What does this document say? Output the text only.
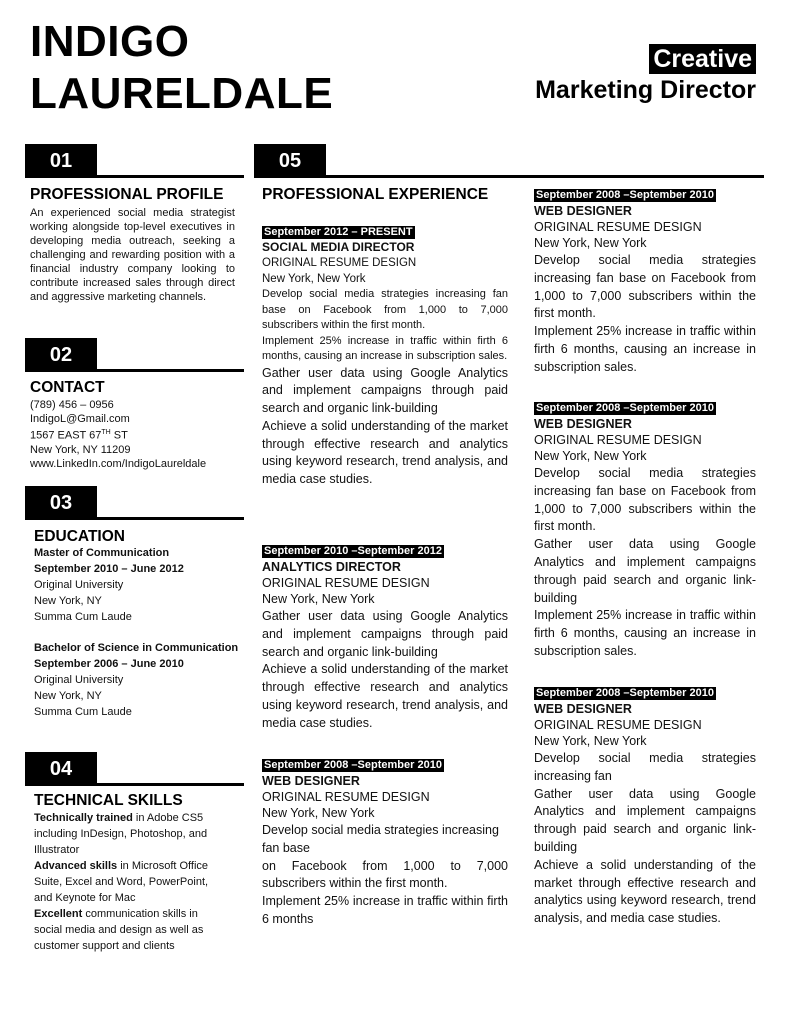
INDIGO
LAURELDALE
Creative
Marketing Director
01
PROFESSIONAL PROFILE
An experienced social media strategist working alongside top-level executives in developing media outreach, seeking a challenging and rewarding position with a financial industry company looking to contribute increased sales through direct and aggressive marketing channels.
02
CONTACT
(789) 456 – 0956
IndigoL@Gmail.com
1567 EAST 67TH ST
New York, NY 11209
www.LinkedIn.com/IndigoLaureldale
03
EDUCATION
Master of Communication
September 2010 – June 2012
Original University
New York, NY
Summa Cum Laude
Bachelor of Science in Communication
September 2006 – June 2010
Original University
New York, NY
Summa Cum Laude
04
TECHNICAL SKILLS
Technically trained in Adobe CS5 including InDesign, Photoshop, and Illustrator
Advanced skills in Microsoft Office Suite, Excel and Word, PowerPoint, and Keynote for Mac
Excellent communication skills in social media and design as well as customer support and clients
05
PROFESSIONAL EXPERIENCE
September 2012 – PRESENT
SOCIAL MEDIA DIRECTOR
ORIGINAL RESUME DESIGN
New York, New York
Develop social media strategies increasing fan base on Facebook from 1,000 to 7,000 subscribers within the first month.
Implement 25% increase in traffic within firth 6 months, causing an increase in subscription sales.
Gather user data using Google Analytics and implement campaigns through paid search and organic link-building
Achieve a solid understanding of the market through effective research and analytics using keyword research, trend analysis, and media case studies.
September 2010 –September 2012
ANALYTICS DIRECTOR
ORIGINAL RESUME DESIGN
New York, New York
Gather user data using Google Analytics and implement campaigns through paid search and organic link-building
Achieve a solid understanding of the market through effective research and analytics using keyword research, trend analysis, and media case studies.
September 2008 –September 2010
WEB DESIGNER
ORIGINAL RESUME DESIGN
New York, New York
Develop social media strategies increasing fan base
on Facebook from 1,000 to 7,000 subscribers within the first month.
Implement 25% increase in traffic within firth 6 months
September 2008 –September 2010
WEB DESIGNER
ORIGINAL RESUME DESIGN
New York, New York
Develop social media strategies increasing fan base on Facebook from 1,000 to 7,000 subscribers within the first month.
Implement 25% increase in traffic within firth 6 months, causing an increase in subscription sales.
September 2008 –September 2010
WEB DESIGNER
ORIGINAL RESUME DESIGN
New York, New York
Develop social media strategies increasing fan base on Facebook from 1,000 to 7,000 subscribers within the first month.
Gather user data using Google Analytics and implement campaigns through paid search and organic link-building
Implement 25% increase in traffic within firth 6 months, causing an increase in subscription sales.
September 2008 –September 2010
WEB DESIGNER
ORIGINAL RESUME DESIGN
New York, New York
Develop social media strategies increasing fan
Gather user data using Google Analytics and implement campaigns through paid search and organic link-building
Achieve a solid understanding of the market through effective research and analytics using keyword research, trend analysis, and media case studies.
